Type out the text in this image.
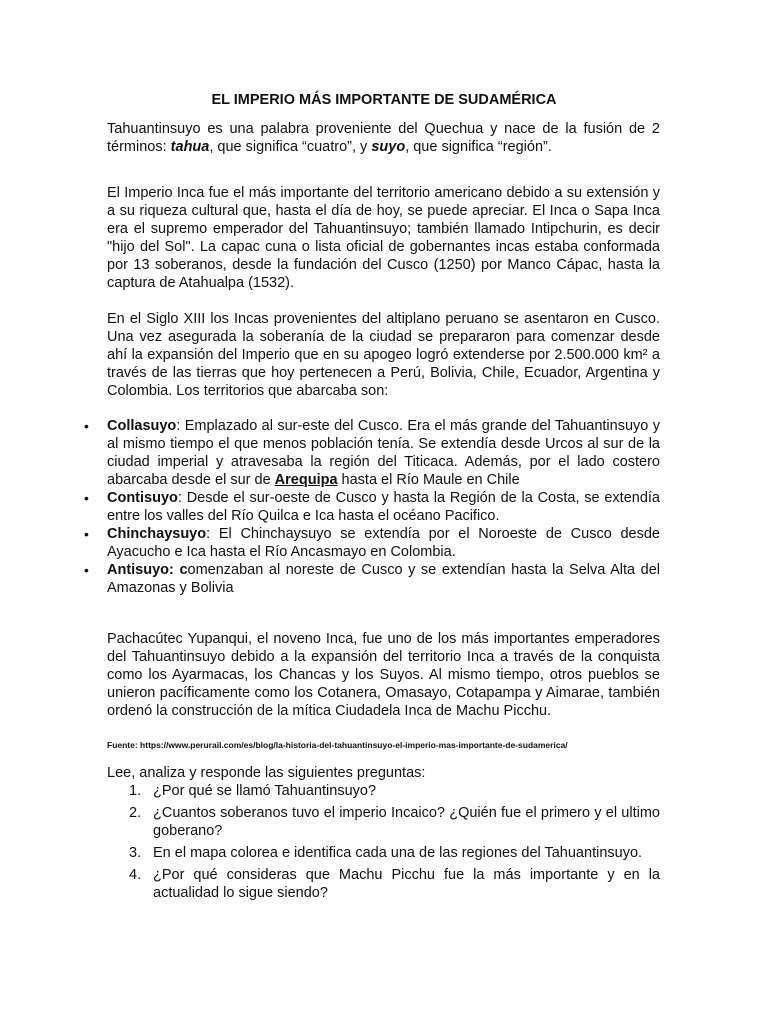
EL IMPERIO MÁS IMPORTANTE DE SUDAMÉRICA

Tahuantinsuyo es una palabra proveniente del Quechua y nace de la fusión de 2 términos: tahua, que significa “cuatro”, y suyo, que significa “región”.

El Imperio Inca fue el más importante del territorio americano debido a su extensión y a su riqueza cultural que, hasta el día de hoy, se puede apreciar. El Inca o Sapa Inca era el supremo emperador del Tahuantinsuyo; también llamado Intipchurin, es decir "hijo del Sol". La capac cuna o lista oficial de gobernantes incas estaba conformada por 13 soberanos, desde la fundación del Cusco (1250) por Manco Cápac, hasta la captura de Atahualpa (1532).

En el Siglo XIII los Incas provenientes del altiplano peruano se asentaron en Cusco. Una vez asegurada la soberanía de la ciudad se prepararon para comenzar desde ahí la expansión del Imperio que en su apogeo logró extenderse por 2.500.000 km² a través de las tierras que hoy pertenecen a Perú, Bolivia, Chile, Ecuador, Argentina y Colombia. Los territorios que abarcaba son:

• Collasuyo: Emplazado al sur-este del Cusco. Era el más grande del Tahuantinsuyo y al mismo tiempo el que menos población tenía. Se extendía desde Urcos al sur de la ciudad imperial y atravesaba la región del Titicaca. Además, por el lado costero abarcaba desde el sur de Arequipa hasta el Río Maule en Chile
• Contisuyo: Desde el sur-oeste de Cusco y hasta la Región de la Costa, se extendía entre los valles del Río Quilca e Ica hasta el océano Pacifico.
• Chinchaysuyo: El Chinchaysuyo se extendía por el Noroeste de Cusco desde Ayacucho e Ica hasta el Río Ancasmayo en Colombia.
• Antisuyo: comenzaban al noreste de Cusco y se extendían hasta la Selva Alta del Amazonas y Bolivia

Pachacútec Yupanqui, el noveno Inca, fue uno de los más importantes emperadores del Tahuantinsuyo debido a la expansión del territorio Inca a través de la conquista como los Ayarmacas, los Chancas y los Suyos. Al mismo tiempo, otros pueblos se unieron pacíficamente como los Cotanera, Omasayo, Cotapampa y Aimarae, también ordenó la construcción de la mítica Ciudadela Inca de Machu Picchu.

Fuente: https://www.perurail.com/es/blog/la-historia-del-tahuantinsuyo-el-imperio-mas-importante-de-sudamerica/
Lee, analiza y responde las siguientes preguntas:
1. ¿Por qué se llamó Tahuantinsuyo?
2. ¿Cuantos soberanos tuvo el imperio Incaico? ¿Quién fue el primero y el ultimo goberano?
3. En el mapa colorea e identifica cada una de las regiones del Tahuantinsuyo.
4. ¿Por qué consideras que Machu Picchu fue la más importante y en la actualidad lo sigue siendo?
